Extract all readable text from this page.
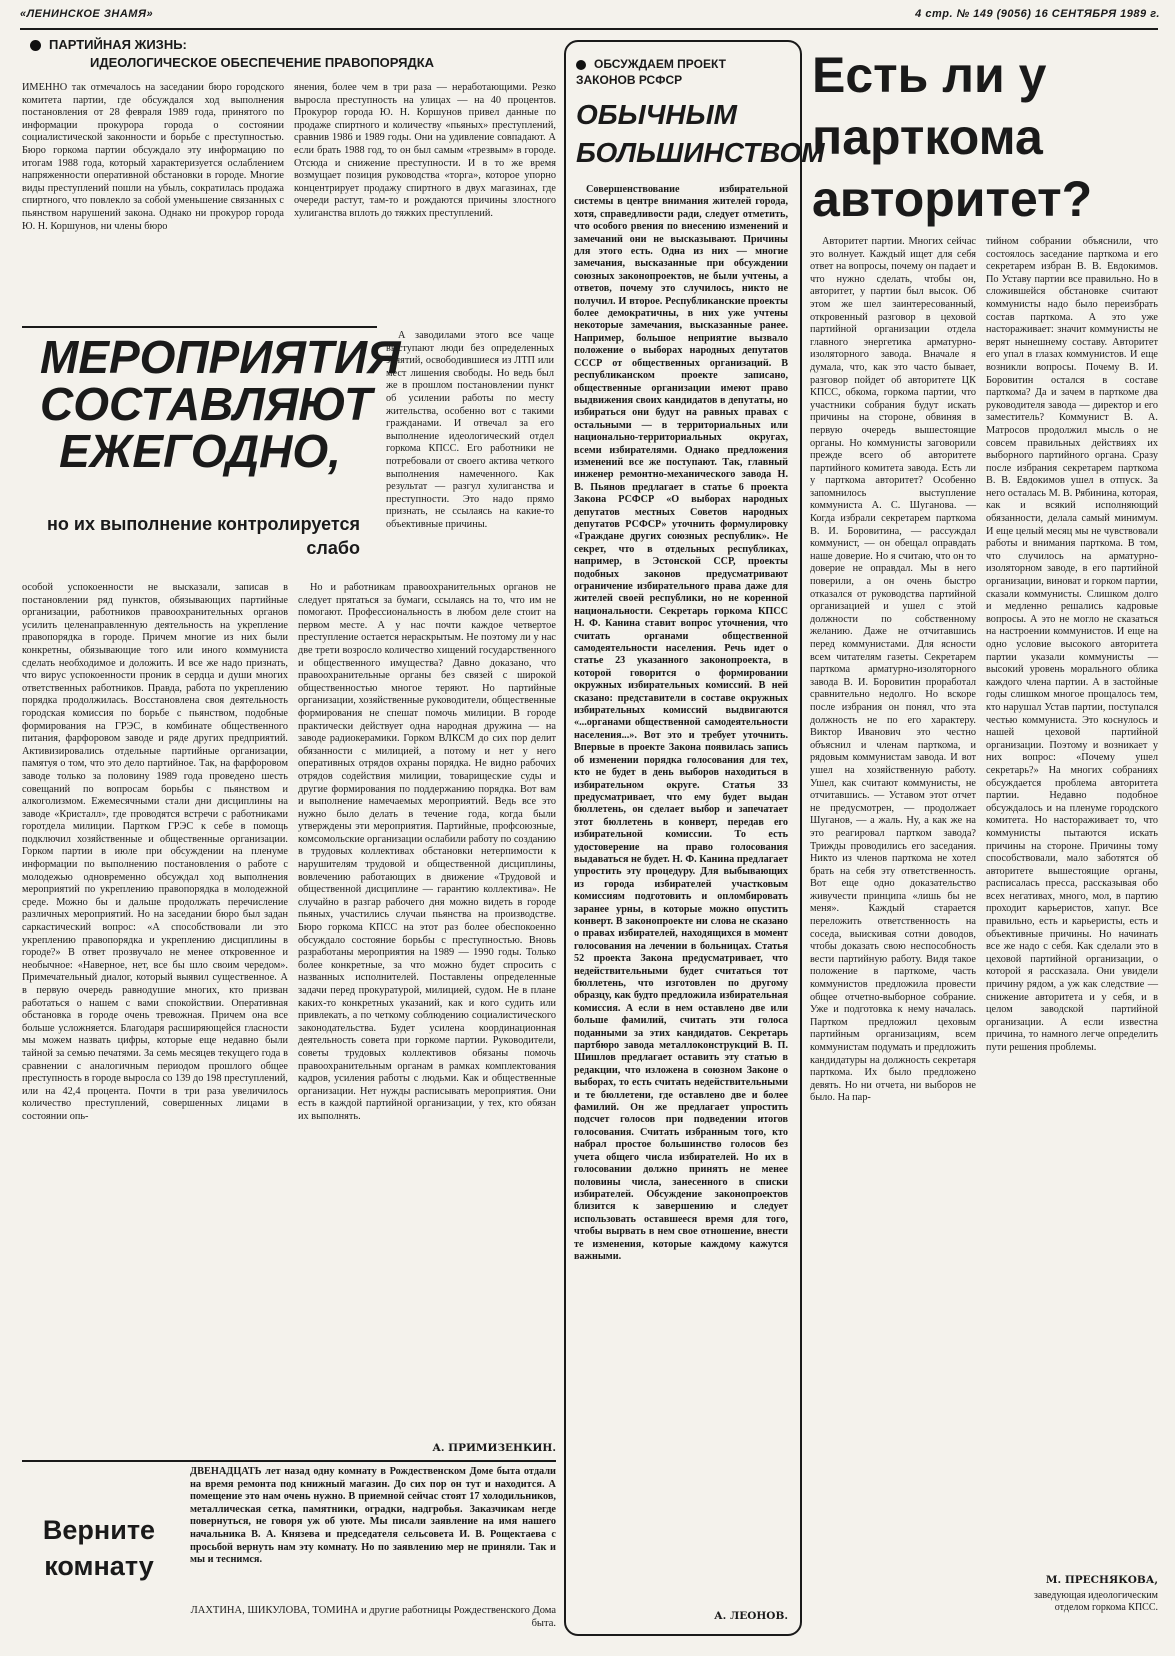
«ЛЕНИНСКОЕ ЗНАМЯ»	4 стр. № 149 (9056) 16 СЕНТЯБРЯ 1989 г.
ПАРТИЙНАЯ ЖИЗНЬ:
ИДЕОЛОГИЧЕСКОЕ ОБЕСПЕЧЕНИЕ ПРАВОПОРЯДКА

ИМЕННО так отмечалось на заседании бюро городского комитета партии, где обсуждался ход выполнения постановления от 28 февраля 1989 года, принятого по информации прокурора города о состоянии социалистической законности и борьбе с преступностью. Бюро горкома партии обсуждало эту информацию по итогам 1988 года, который характеризуется ослаблением напряженности оперативной обстановки в городе. Многие виды преступлений пошли на убыль, сократилась продажа спиртного, что повлекло за собой уменьшение связанных с пьянством нарушений закона. Однако ни прокурор города Ю. Н. Коршунов, ни члены бюро

янения, более чем в три раза — неработающими. Резко выросла преступность на улицах — на 40 процентов. Прокурор города Ю. Н. Коршунов привел данные по продаже спиртного и количеству «пьяных» преступлений, сравнив 1986 и 1989 годы. Они на удивление совпадают. А если брать 1988 год, то он был самым «трезвым» в городе. Отсюда и снижение преступности. И в то же время возмущает позиция руководства «торга», которое упорно концентрирует продажу спиртного в двух магазинах, где очереди растут, там-то и рождаются причины злостного хулиганства вплоть до тяжких преступлений.

МЕРОПРИЯТИЯ СОСТАВЛЯЮТ ЕЖЕГОДНО,
но их выполнение контролируется слабо

А заводилами этого все чаще выступают люди без определенных занятий, освободившиеся из ЛТП или мест лишения свободы. Но ведь был же в прошлом постановлении пункт об усилении работы по месту жительства, особенно вот с такими гражданами. И отвечал за его выполнение идеологический отдел горкома КПСС. Его работники не потребовали от своего актива четкого выполнения намеченного. Как результат — разгул хулиганства и преступности. Это надо прямо признать, не ссылаясь на какие-то объективные причины.

особой успокоенности не высказали, записав в постановлении ряд пунктов, обязывающих партийные организации, работников правоохранительных органов усилить целенаправленную деятельность на укрепление правопорядка в городе. Причем многие из них были конкретны, обязывающие того или иного коммуниста сделать необходимое и доложить. И все же надо признать, что вирус успокоенности проник в сердца и души многих ответственных работников. Правда, работа по укреплению порядка продолжилась. Восстановлена своя деятельность городская комиссия по борьбе с пьянством, подобные формирования на ГРЭС, в комбинате общественного питания, фарфоровом заводе и ряде других предприятий. Активизировались отдельные партийные организации, памятуя о том, что это дело партийное. Так, на фарфоровом заводе только за половину 1989 года проведено шесть совещаний по вопросам борьбы с пьянством и алкоголизмом. Ежемесячными стали дни дисциплины на заводе «Кристалл», где проводятся встречи с работниками горотдела милиции. Партком ГРЭС к себе в помощь подключил хозяйственные и общественные организации. Горком партии в июле при обсуждении на пленуме информации по выполнению постановления о работе с молодежью одновременно обсуждал ход выполнения мероприятий по укреплению правопорядка в молодежной среде. Можно бы и дальше продолжать перечисление различных мероприятий. Но на заседании бюро был задан саркастический вопрос: «А способствовали ли это укреплению правопорядка и укреплению дисциплины в городе?» В ответ прозвучало не менее откровенное и необычное: «Наверное, нет, все бы шло своим чередом». Примечательный диалог, который выявил существенное. А в первую очередь равнодушие многих, кто призван работаться о нашем с вами спокойствии. Оперативная обстановка в городе очень тревожная. Причем она все больше усложняется. Благодаря расширяющейся гласности мы можем назвать цифры, которые еще недавно были тайной за семью печатями. За семь месяцев текущего года в сравнении с аналогичным периодом прошлого общее преступность в городе выросла со 139 до 198 преступлений, или на 42,4 процента. Почти в три раза увеличилось количество преступлений, совершенных лицами в состоянии опь-

Но и работникам правоохранительных органов не следует прятаться за бумаги, ссылаясь на то, что им не помогают. Профессиональность в любом деле стоит на первом месте. А у нас почти каждое четвертое преступление остается нераскрытым. Не поэтому ли у нас две трети возросло количество хищений государственного и общественного имущества? Давно доказано, что правоохранительные органы без связей с широкой общественностью многое теряют. Но партийные организации, хозяйственные руководители, общественные формирования не спешат помочь милиции. В городе практически действует одна народная дружина — на заводе радиокерамики. Горком ВЛКСМ до сих пор делит обязанности с милицией, а потому и нет у него оперативных отрядов охраны порядка. Не видно рабочих отрядов содействия милиции, товарищеские суды и другие формирования по поддержанию порядка. Вот вам и выполнение намечаемых мероприятий. Ведь все это нужно было делать в течение года, когда были утверждены эти мероприятия. Партийные, профсоюзные, комсомольские организации ослабили работу по созданию в трудовых коллективах обстановки нетерпимости к нарушителям трудовой и общественной дисциплины, вовлечению работающих в движение «Трудовой и общественной дисциплине — гарантию коллектива». Не случайно в разгар рабочего дня можно видеть в городе пьяных, участились случаи пьянства на производстве. Бюро горкома КПСС на этот раз более обеспокоенно обсуждало состояние борьбы с преступностью. Вновь разработаны мероприятия на 1989 — 1990 годы. Только более конкретные, за что можно будет спросить с названных исполнителей. Поставлены определенные задачи перед прокуратурой, милицией, судом. Не в плане каких-то конкретных указаний, как и кого судить или привлекать, а по четкому соблюдению социалистического законодательства. Будет усилена координационная деятельность совета при горкоме партии. Руководители, советы трудовых коллективов обязаны помочь правоохранительным органам в рамках комплектования кадров, усиления работы с людьми. Как и общественные организации. Нет нужды расписывать мероприятия. Они есть в каждой партийной организации, у тех, кто обязан их выполнять.

А. ПРИМИЗЕНКИН.
ОБСУЖДАЕМ ПРОЕКТ ЗАКОНОВ РСФСР
ОБЫЧНЫМ БОЛЬШИНСТВОМ

Совершенствование избирательной системы в центре внимания жителей города, хотя, справедливости ради, следует отметить, что особого рвения по внесению изменений и замечаний они не высказывают. Причины для этого есть. Одна из них — многие замечания, высказанные при обсуждении союзных законопроектов, не были учтены, а ответов, почему это случилось, никто не получил. И второе. Республиканские проекты более демократичны, в них уже учтены некоторые замечания, высказанные ранее. Например, большое неприятие вызвало положение о выборах народных депутатов СССР от общественных организаций. В республиканском проекте записано, общественные организации имеют право выдвижения своих кандидатов в депутаты, но избираться они будут на равных правах с остальными — в территориальных или национально-территориальных округах, всеми избирателями. Однако предложения изменений все же поступают. Так, главный инженер ремонтно-механического завода Н. В. Пьянов предлагает в статье 6 проекта Закона РСФСР «О выборах народных депутатов местных Советов народных депутатов РСФСР» уточнить формулировку «Граждане других союзных республик». Не секрет, что в отдельных республиках, например, в Эстонской ССР, проекты подобных законов предусматривают ограничение избирательного права даже для жителей своей республики, но не коренной национальности. Секретарь горкома КПСС Н. Ф. Канина ставит вопрос уточнения, что считать органами общественной самодеятельности населения. Речь идет о статье 23 указанного законопроекта, в которой говорится о формировании окружных избирательных комиссий. В ней сказано: представители в составе окружных избирательных комиссий выдвигаются «...органами общественной самодеятельности населения...». Вот это и требует уточнить. Впервые в проекте Закона появилась запись об изменении порядка голосования для тех, кто не будет в день выборов находиться в избирательном округе. Статья 33 предусматривает, что ему будет выдан бюллетень, он сделает выбор и запечатает этот бюллетень в конверт, передав его избирательной комиссии. То есть удостоверение на право голосования выдаваться не будет. Н. Ф. Канина предлагает упростить эту процедуру. Для выбывающих из города избирателей участковым комиссиям подготовить и опломбировать заранее урны, в которые можно опустить конверт. В законопроекте ни слова не сказано о правах избирателей, находящихся в момент голосования на лечении в больницах. Статья 52 проекта Закона предусматривает, что недействительными будет считаться тот бюллетень, что изготовлен по другому образцу, как будто предложила избирательная комиссия. А если в нем оставлено две или больше фамилий, считать эти голоса поданными за этих кандидатов. Секретарь партбюро завода металлоконструкций В. П. Шишлов предлагает оставить эту статью в редакции, что изложена в союзном Законе о выборах, то есть считать недействительными и те бюллетени, где оставлено две и более фамилий. Он же предлагает упростить подсчет голосов при подведении итогов голосования. Считать избранным того, кто набрал простое большинство голосов без учета общего числа избирателей. Но их в голосовании должно принять не менее половины числа, занесенного в списки избирателей. Обсуждение законопроектов близится к завершению и следует использовать оставшееся время для того, чтобы вырвать в нем свое отношение, внести те изменения, которые каждому кажутся важными.

А. ЛЕОНОВ.
Есть ли у парткома авторитет?

Авторитет партии. Многих сейчас это волнует. Каждый ищет для себя ответ на вопросы, почему он падает и что нужно сделать, чтобы он, авторитет, у партии был высок. Об этом же шел заинтересованный, откровенный разговор в цеховой партийной организации отдела главного энергетика арматурно-изоляторного завода. Вначале я думала, что, как это часто бывает, разговор пойдет об авторитете ЦК КПСС, обкома, горкома партии, что участники собрания будут искать причины на стороне, обвиняя в первую очередь вышестоящие органы. Но коммунисты заговорили прежде всего об авторитете партийного комитета завода. Есть ли у парткома авторитет? Особенно запомнилось выступление коммуниста А. С. Шуганова. — Когда избрали секретарем парткома В. И. Боровитина, — рассуждал коммунист, — он обещал оправдать наше доверие. Но я считаю, что он то доверие не оправдал. Мы в него поверили, а он очень быстро отказался от руководства партийной организацией и ушел с этой должности по собственному желанию. Даже не отчитавшись перед коммунистами. Для ясности всем читателям газеты. Секретарем парткома арматурно-изоляторного завода В. И. Боровитин проработал сравнительно недолго. Но вскоре после избрания он понял, что эта должность не по его характеру. Виктор Иванович это честно объяснил и членам парткома, и рядовым коммунистам завода. И вот ушел на хозяйственную работу. Ушел, как считают коммунисты, не отчитавшись. — Уставом этот отчет не предусмотрен, — продолжает Шуганов, — а жаль. Ну, а как же на это реагировал партком завода? Трижды проводились его заседания. Никто из членов парткома не хотел брать на себя эту ответственность. Вот еще одно доказательство живучести принципа «лишь бы не меня». Каждый старается переложить ответственность на соседа, выискивая сотни доводов, чтобы доказать свою неспособность вести партийную работу. Видя такое положение в парткоме, часть коммунистов предложила провести общее отчетно-выборное собрание. Уже и подготовка к нему началась. Партком предложил цеховым партийным организациям, всем коммунистам подумать и предложить кандидатуры на должность секретаря парткома. Их было предложено девять. Но ни отчета, ни выборов не было. На пар-

тийном собрании объяснили, что состоялось заседание парткома и его секретарем избран В. В. Евдокимов. По Уставу партии все правильно. Но в сложившейся обстановке считают коммунисты надо было переизбрать состав парткома. А это уже настораживает: значит коммунисты не верят нынешнему составу. Авторитет его упал в глазах коммунистов. И еще возникли вопросы. Почему В. И. Боровитин остался в составе парткома? Да и зачем в парткоме два руководителя завода — директор и его заместитель? Коммунист В. А. Матросов продолжил мысль о не совсем правильных действиях их выборного партийного органа. Сразу после избрания секретарем парткома В. В. Евдокимов ушел в отпуск. За него осталась М. В. Рябинина, которая, как и всякий исполняющий обязанности, делала самый минимум. И еще целый месяц мы не чувствовали работы и внимания парткома. В том, что случилось на арматурно-изоляторном заводе, в его партийной организации, виноват и горком партии, сказали коммунисты. Слишком долго и медленно решались кадровые вопросы. А это не могло не сказаться на настроении коммунистов. И еще на одно условие высокого авторитета партии указали коммунисты — высокий уровень морального облика каждого члена партии. А в застойные годы слишком многое прощалось тем, кто нарушал Устав партии, поступался честью коммуниста. Это коснулось и нашей цеховой партийной организации. Поэтому и возникает у них вопрос: «Почему ушел секретарь?» На многих собраниях обсуждается проблема авторитета партии. Недавно подобное обсуждалось и на пленуме городского комитета. Но настораживает то, что коммунисты пытаются искать причины на стороне. Причины тому способствовали, мало заботятся об авторитете вышестоящие органы, расписалась пресса, рассказывая обо всех негативах, много, мол, в партию проходит карьеристов, хапуг. Все правильно, есть и карьеристы, есть и объективные причины. Но начинать все же надо с себя. Как сделали это в цеховой партийной организации, о которой я рассказала. Они увидели причину рядом, а уж как следствие — снижение авторитета и у себя, и в целом заводской партийной организации. А если известна причина, то намного легче определить пути решения проблемы.

М. ПРЕСНЯКОВА,
заведующая идеологическим отделом горкома КПСС.
Верните комнату

ДВЕНАДЦАТЬ лет назад одну комнату в Рождественском Доме быта отдали на время ремонта под книжный магазин. До сих пор он тут и находится. А помещение это нам очень нужно. В приемной сейчас стоят 17 холодильников, металлическая сетка, памятники, оградки, надгробья. Заказчикам негде повернуться, не говоря уж об уюте. Мы писали заявление на имя нашего начальника В. А. Князева и председателя сельсовета И. В. Рощектаева с просьбой вернуть нам эту комнату. Но по заявлению мер не приняли. Так и мы и теснимся.

ЛАХТИНА, ШИКУЛОВА, ТОМИНА и другие работницы Рождественского Дома быта.
